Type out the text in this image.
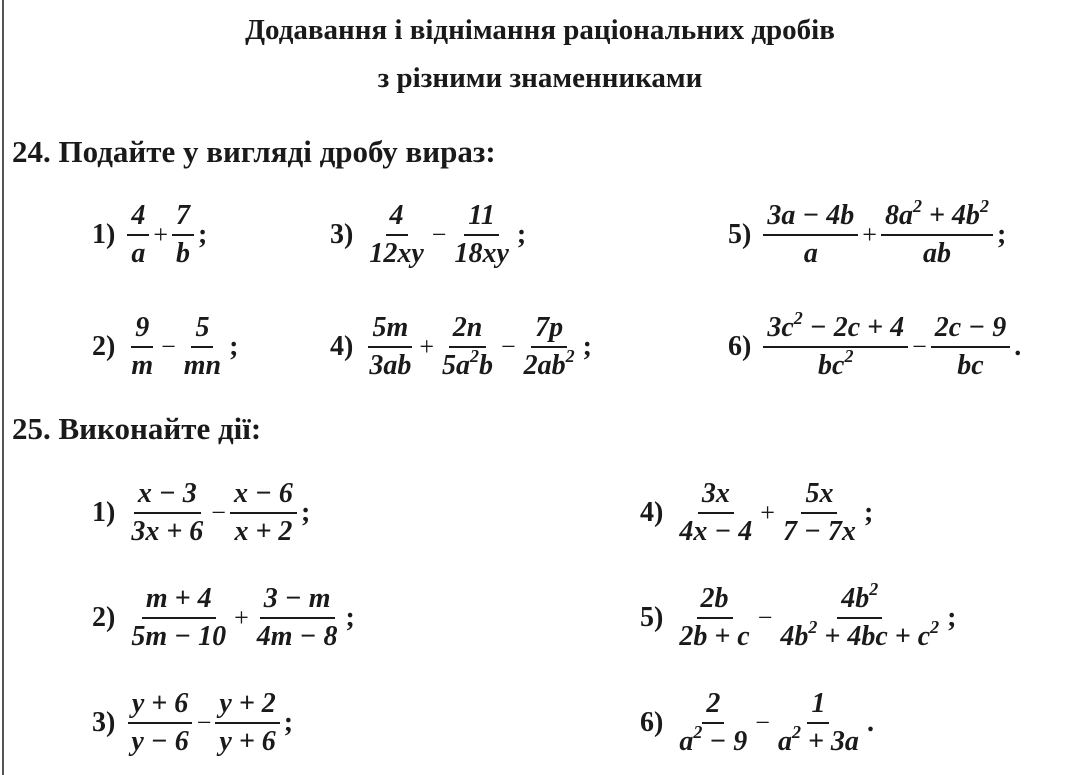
Додавання і віднімання раціональних дробів
з різними знаменниками
24. Подайте у вигляді дробу вираз:
$1) \frac{4}{a} + \frac{7}{b}$ ;
$2) \frac{9}{m} - \frac{5}{mn}$ ;
$3) \frac{4}{12xy} - \frac{11}{18xy}$ ;
$4) \frac{5m}{3ab} + \frac{2n}{5a^2b} - \frac{7p}{2ab^2}$ ;
$5) \frac{3a - 4b}{a} + \frac{8a^2 + 4b^2}{ab}$ ;
$6) \frac{3c^2 - 2c + 4}{bc^2} - \frac{2c - 9}{bc}$ .
25. Виконайте дії:
$1) \frac{x - 3}{3x + 6} - \frac{x - 6}{x + 2}$ ;
$2) \frac{m + 4}{5m - 10} + \frac{3 - m}{4m - 8}$ ;
$3) \frac{y + 6}{y - 6} - \frac{y + 2}{y + 6}$ ;
$4) \frac{3x}{4x - 4} + \frac{5x}{7 - 7x}$ ;
$5) \frac{2b}{2b + c} - \frac{4b^2}{4b^2 + 4bc + c^2}$ ;
$6) \frac{2}{a^2 - 9} - \frac{1}{a^2 + 3a}$ .
